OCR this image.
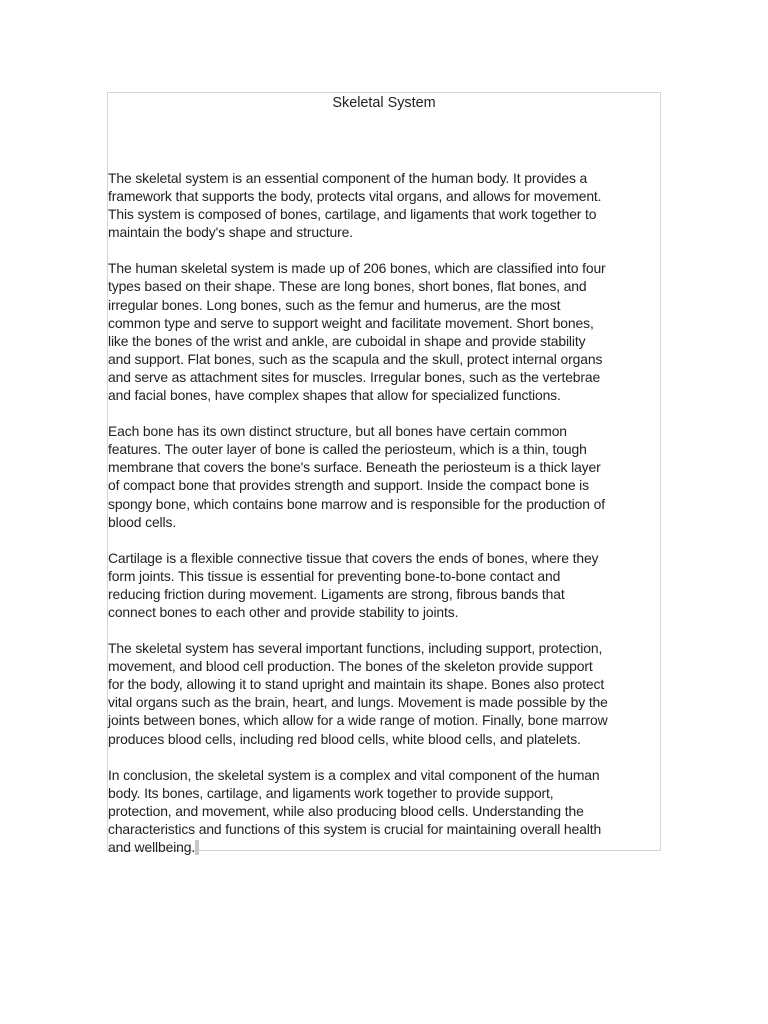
Skeletal System

The skeletal system is an essential component of the human body. It provides a
framework that supports the body, protects vital organs, and allows for movement.
This system is composed of bones, cartilage, and ligaments that work together to
maintain the body's shape and structure.

The human skeletal system is made up of 206 bones, which are classified into four
types based on their shape. These are long bones, short bones, flat bones, and
irregular bones. Long bones, such as the femur and humerus, are the most
common type and serve to support weight and facilitate movement. Short bones,
like the bones of the wrist and ankle, are cuboidal in shape and provide stability
and support. Flat bones, such as the scapula and the skull, protect internal organs
and serve as attachment sites for muscles. Irregular bones, such as the vertebrae
and facial bones, have complex shapes that allow for specialized functions.

Each bone has its own distinct structure, but all bones have certain common
features. The outer layer of bone is called the periosteum, which is a thin, tough
membrane that covers the bone's surface. Beneath the periosteum is a thick layer
of compact bone that provides strength and support. Inside the compact bone is
spongy bone, which contains bone marrow and is responsible for the production of
blood cells.

Cartilage is a flexible connective tissue that covers the ends of bones, where they
form joints. This tissue is essential for preventing bone-to-bone contact and
reducing friction during movement. Ligaments are strong, fibrous bands that
connect bones to each other and provide stability to joints.

The skeletal system has several important functions, including support, protection,
movement, and blood cell production. The bones of the skeleton provide support
for the body, allowing it to stand upright and maintain its shape. Bones also protect
vital organs such as the brain, heart, and lungs. Movement is made possible by the
joints between bones, which allow for a wide range of motion. Finally, bone marrow
produces blood cells, including red blood cells, white blood cells, and platelets.

In conclusion, the skeletal system is a complex and vital component of the human
body. Its bones, cartilage, and ligaments work together to provide support,
protection, and movement, while also producing blood cells. Understanding the
characteristics and functions of this system is crucial for maintaining overall health
and wellbeing.
